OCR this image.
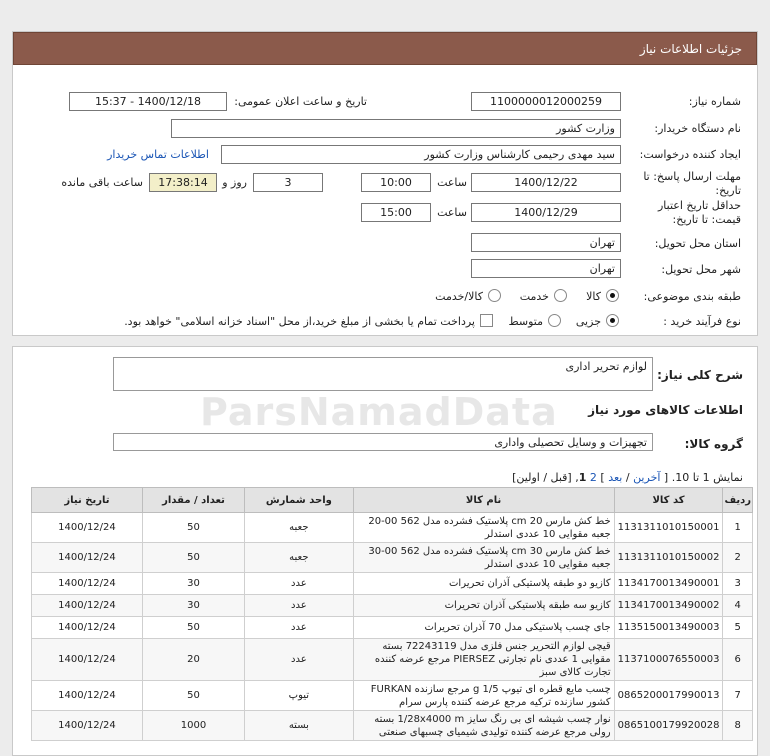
جزئیات اطلاعات نیاز
شماره نیاز:
1100000012000259
تاریخ و ساعت اعلان عمومی:
1400/12/18 - 15:37
نام دستگاه خریدار:
وزارت کشور
ایجاد کننده درخواست:
سید مهدی رحیمی کارشناس وزارت کشور
اطلاعات تماس خریدار
مهلت ارسال پاسخ: تا
تاریخ:
1400/12/22
ساعت
10:00
3
روز و
17:38:14
ساعت باقی مانده
حداقل تاریخ اعتبار
قیمت: تا تاریخ:
1400/12/29
ساعت
15:00
استان محل تحویل:
تهران
شهر محل تحویل:
تهران
طبقه بندی موضوعی:
کالا
خدمت
کالا/خدمت
نوع فرآیند خرید :
جزیی
متوسط
پرداخت تمام یا بخشی از مبلغ خرید،از محل "اسناد خزانه اسلامی" خواهد بود.
شرح کلی نیاز:
لوازم تحریر اداری
اطلاعات کالاهای مورد نیاز
گروه کالا:
تجهیزات و وسایل تحصیلی واداری
نمایش 1 تا 10. [ آخرین / بعد ] 2 1, [قبل / اولین]
ردیف	کد کالا	نام کالا	واحد شمارش	تعداد / مقدار	تاریخ نیاز
1	1131311010150001	خط کش مارس cm 20 پلاستیک فشرده مدل 562 00-20 جعبه مقوایی 10 عددی استدلر	جعبه	50	1400/12/24
2	1131311010150002	خط کش مارس cm 30 پلاستیک فشرده مدل 562 00-30 جعبه مقوایی 10 عددی استدلر	جعبه	50	1400/12/24
3	1134170013490001	کازیو دو طبقه پلاستیکی آذران تحریرات	عدد	30	1400/12/24
4	1134170013490002	کازیو سه طبقه پلاستیکی آذران تحریرات	عدد	30	1400/12/24
5	1135150013490003	جای چسب پلاستیکی مدل 70 آذران تحریرات	عدد	50	1400/12/24
6	1137100076550003	قیچی لوازم التحریر جنس فلزی مدل 72243119 بسته مقوایی 1 عددی نام تجارتی PIERSEZ مرجع عرضه کننده تجارت کالای سبز	عدد	20	1400/12/24
7	0865200017990013	چسب مایع قطره ای تیوپ 1/5 g مرجع سازنده FURKAN کشور سازنده ترکیه مرجع عرضه کننده پارس سرام	تیوپ	50	1400/12/24
8	0865100179920028	نوار چسب شیشه ای بی رنگ سایز 1/28x4000 m بسته رولی مرجع عرضه کننده تولیدی شیمیای چسبهای صنعتی	بسته	1000	1400/12/24
ParsNamadData
